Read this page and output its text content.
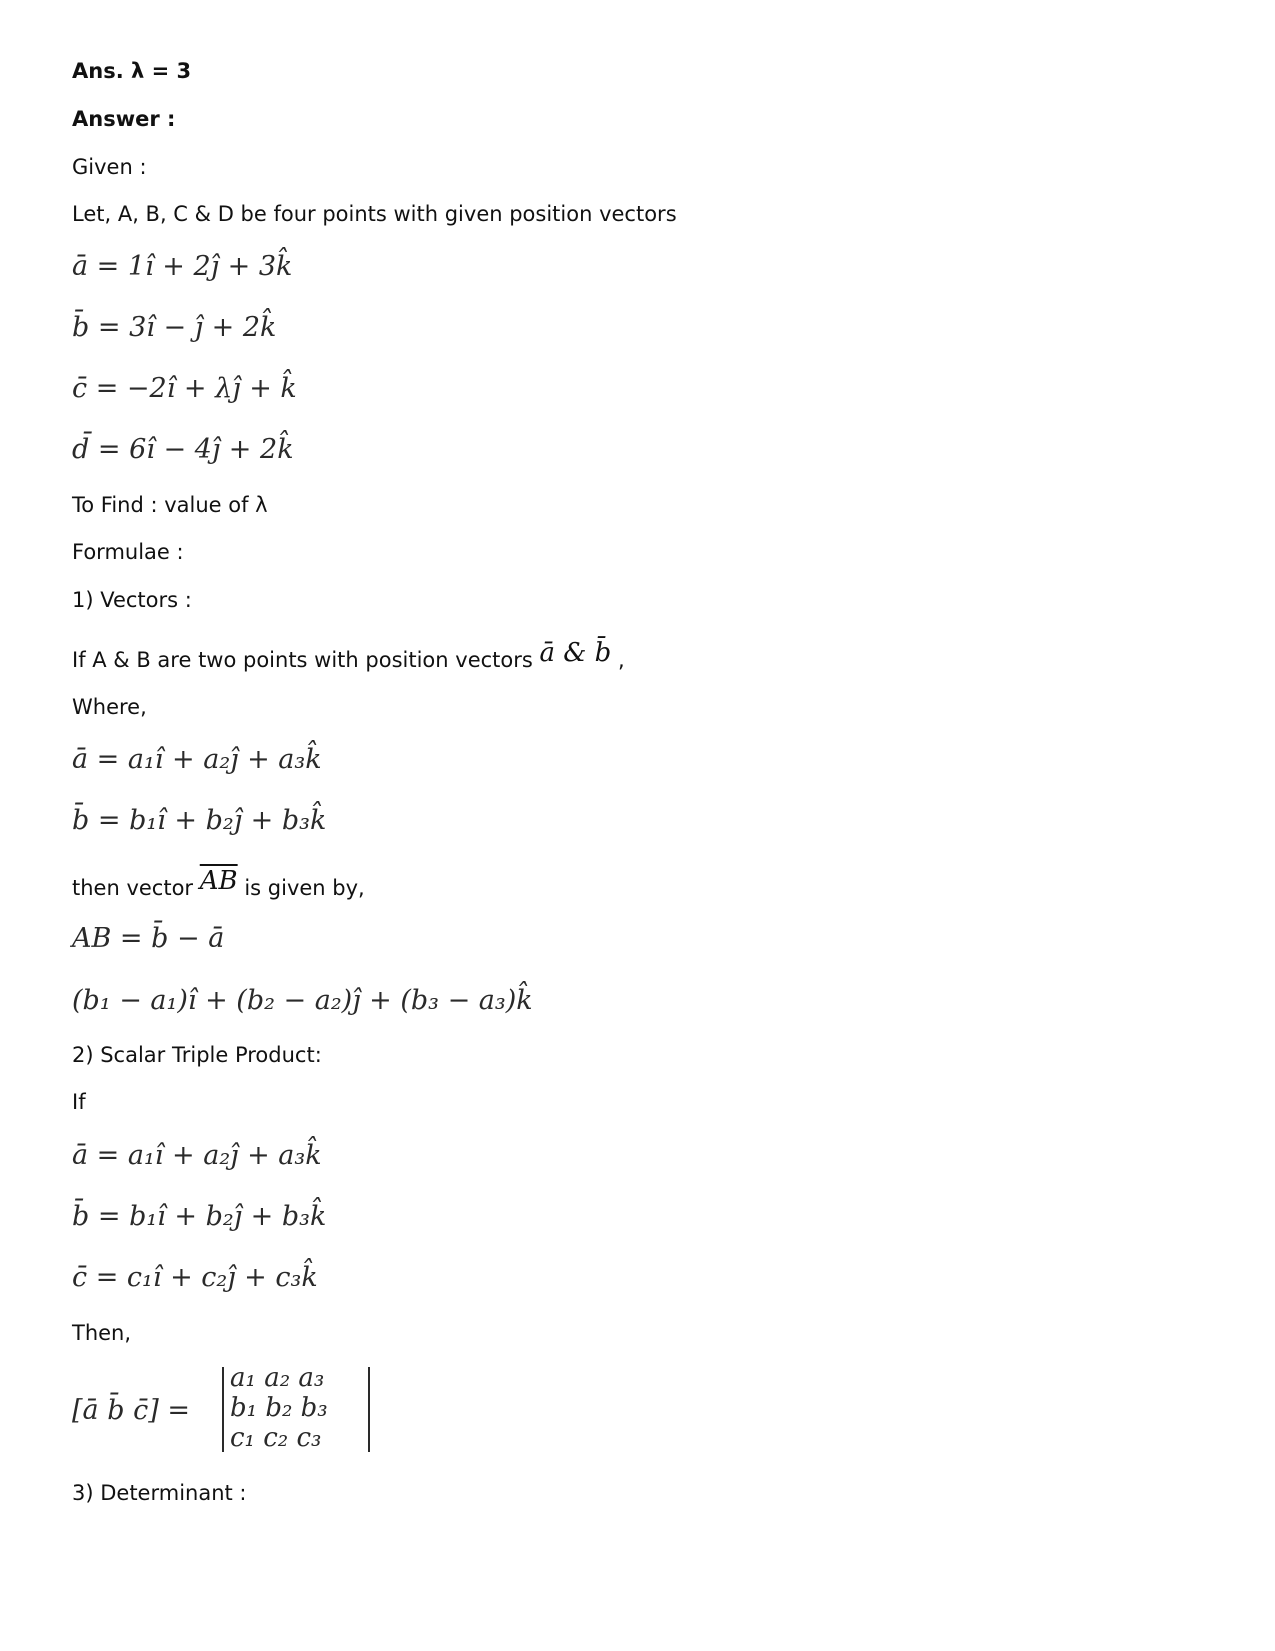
Ans. λ = 3
Answer :
Given :
Let, A, B, C & D be four points with given position vectors
ā = 1î + 2ĵ + 3k̂
b̄ = 3î − ĵ + 2k̂
c̄ = −2î + λĵ + k̂
d̄ = 6î − 4ĵ + 2k̂
To Find : value of λ
Formulae :
1) Vectors :
If A & B are two points with position vectors ā & b̄ ,
Where,
ā = a₁î + a₂ĵ + a₃k̂
b̄ = b₁î + b₂ĵ + b₃k̂
then vector $\overline{AB}$ is given by,
AB = b̄ − ā
(b₁ − a₁)î + (b₂ − a₂)ĵ + (b₃ − a₃)k̂
2) Scalar Triple Product:
If
ā = a₁î + a₂ĵ + a₃k̂
b̄ = b₁î + b₂ĵ + b₃k̂
c̄ = c₁î + c₂ĵ + c₃k̂
Then,
[ā b̄ c̄] =
a₁ a₂ a₃
b₁ b₂ b₃
c₁ c₂ c₃
3) Determinant :
